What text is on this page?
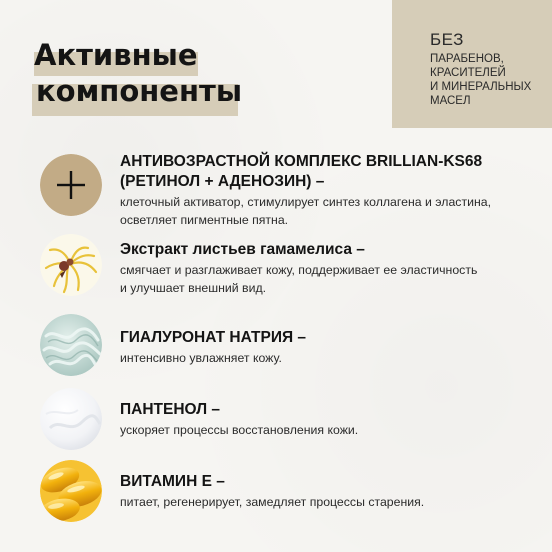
Активные

компоненты
БЕЗ
ПАРАБЕНОВ,
КРАСИТЕЛЕЙ
И МИНЕРАЛЬНЫХ
МАСЕЛ
АНТИВОЗРАСТНОЙ КОМПЛЕКС BRILLIAN-KS68
(РЕТИНОЛ + АДЕНОЗИН) –
клеточный активатор, стимулирует синтез коллагена и эластина,
осветляет пигментные пятна.
Экстракт листьев гамамелиса –
смягчает и разглаживает кожу, поддерживает ее эластичность
и улучшает внешний вид.
ГИАЛУРОНАТ НАТРИЯ –
интенсивно увлажняет кожу.
ПАНТЕНОЛ –
ускоряет процессы восстановления кожи.
ВИТАМИН Е –
питает, регенерирует, замедляет процессы старения.
